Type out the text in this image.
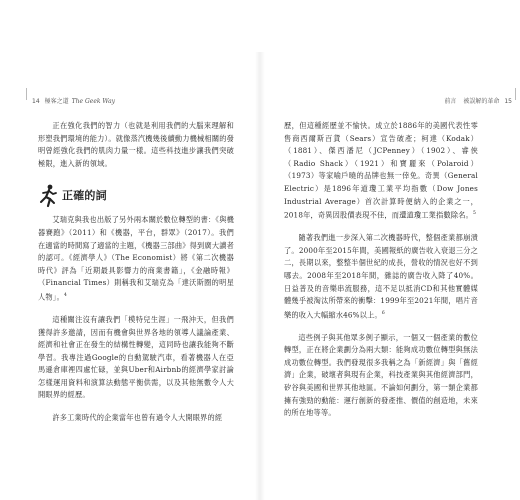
14 極客之道 The Geek Way

正在強化我們的智力（也就是利用我們的大腦來理解和形塑我們環境的能力）。就像蒸汽機幾後續動力機械相關的發明曾經強化我們的肌肉力量一樣。這些科技進步讓我們突破極限，進入新的領域。

正確的詞

艾瑞克與我也出版了另外兩本關於數位轉型的書：《與機器賽跑》（2011）和《機器，平台，群眾》（2017）。我們在適當的時間寫了適當的主題，《機器三部曲》得到廣大讀者的認可。《經濟學人》（The Economist）將《第二次機器時代》評為「近期最具影響力的商業書籍」，《金融時報》（Financial Times）則稱我和艾瑞克為「達沃斯圈的明星人物」。$^4$

這種關注沒有讓我們「模特兒生涯」一飛沖天，但我們獲得許多邀請，因而有機會與世界各地的領導人議論產業、經濟和社會正在發生的結構性轉變，這同時也讓我能夠不斷學習。我專注過Google的自動駕駛汽車，看著機器人在亞馬遜倉庫裡四處忙碌，並與Uber和Airbnb的經濟學家討論怎樣運用資料和演算法動態平衡供需，以及其他無數令人大開眼界的經歷。

許多工業時代的企業當年也曾有過令人大開眼界的經

前言 被誤解的革命 15

歷，但這種經歷並不愉快。成立於1886年的美國代表性零售商西爾斯百貨（Sears）宣告破產；柯達（Kodak）（1881）、傑西潘尼（JCPenney）（1902）、睿俠（Radio Shack）（1921）和寶麗來（Polaroid）（1973）等家喻戶曉的品牌也無一倖免。奇異（General Electric）是1896年道瓊工業平均指數（Dow Jones Industrial Average）首次計算時便納入的企業之一，2018年，奇異因股價表現不佳，而遭道瓊工業指數除名。$^5$

隨著我們進一步深入第二次機器時代，整個產業都崩潰了。2000年至2015年間，美國報紙的廣告收入衰退三分之二，長期以來，整整半個世紀的成長，營收的情況也好不到哪去。2008年至2018年間，雜誌的廣告收入降了40%。日益普及的音樂串流服務，這不足以抵消CD和其他實體媒體幾乎被淘汰所帶來的衝擊：1999年至2021年間，唱片音樂的收入大幅縮水46%以上。$^6$

這些例子與其他眾多例子顯示，一個又一個產業的數位轉型，正在將企業劃分為兩大類：能夠成功數位轉型與無法成功數位轉型。我們發現很多我稱之為「新經濟」與「舊經濟」企業，破壞者與現有企業，科技產業與其他經濟部門，矽谷與美國和世界其他地區。不論如何劃分，第一類企業都擁有強勁的動能：運行創新的發產推、價值的創造地，未來的所在地等等。
